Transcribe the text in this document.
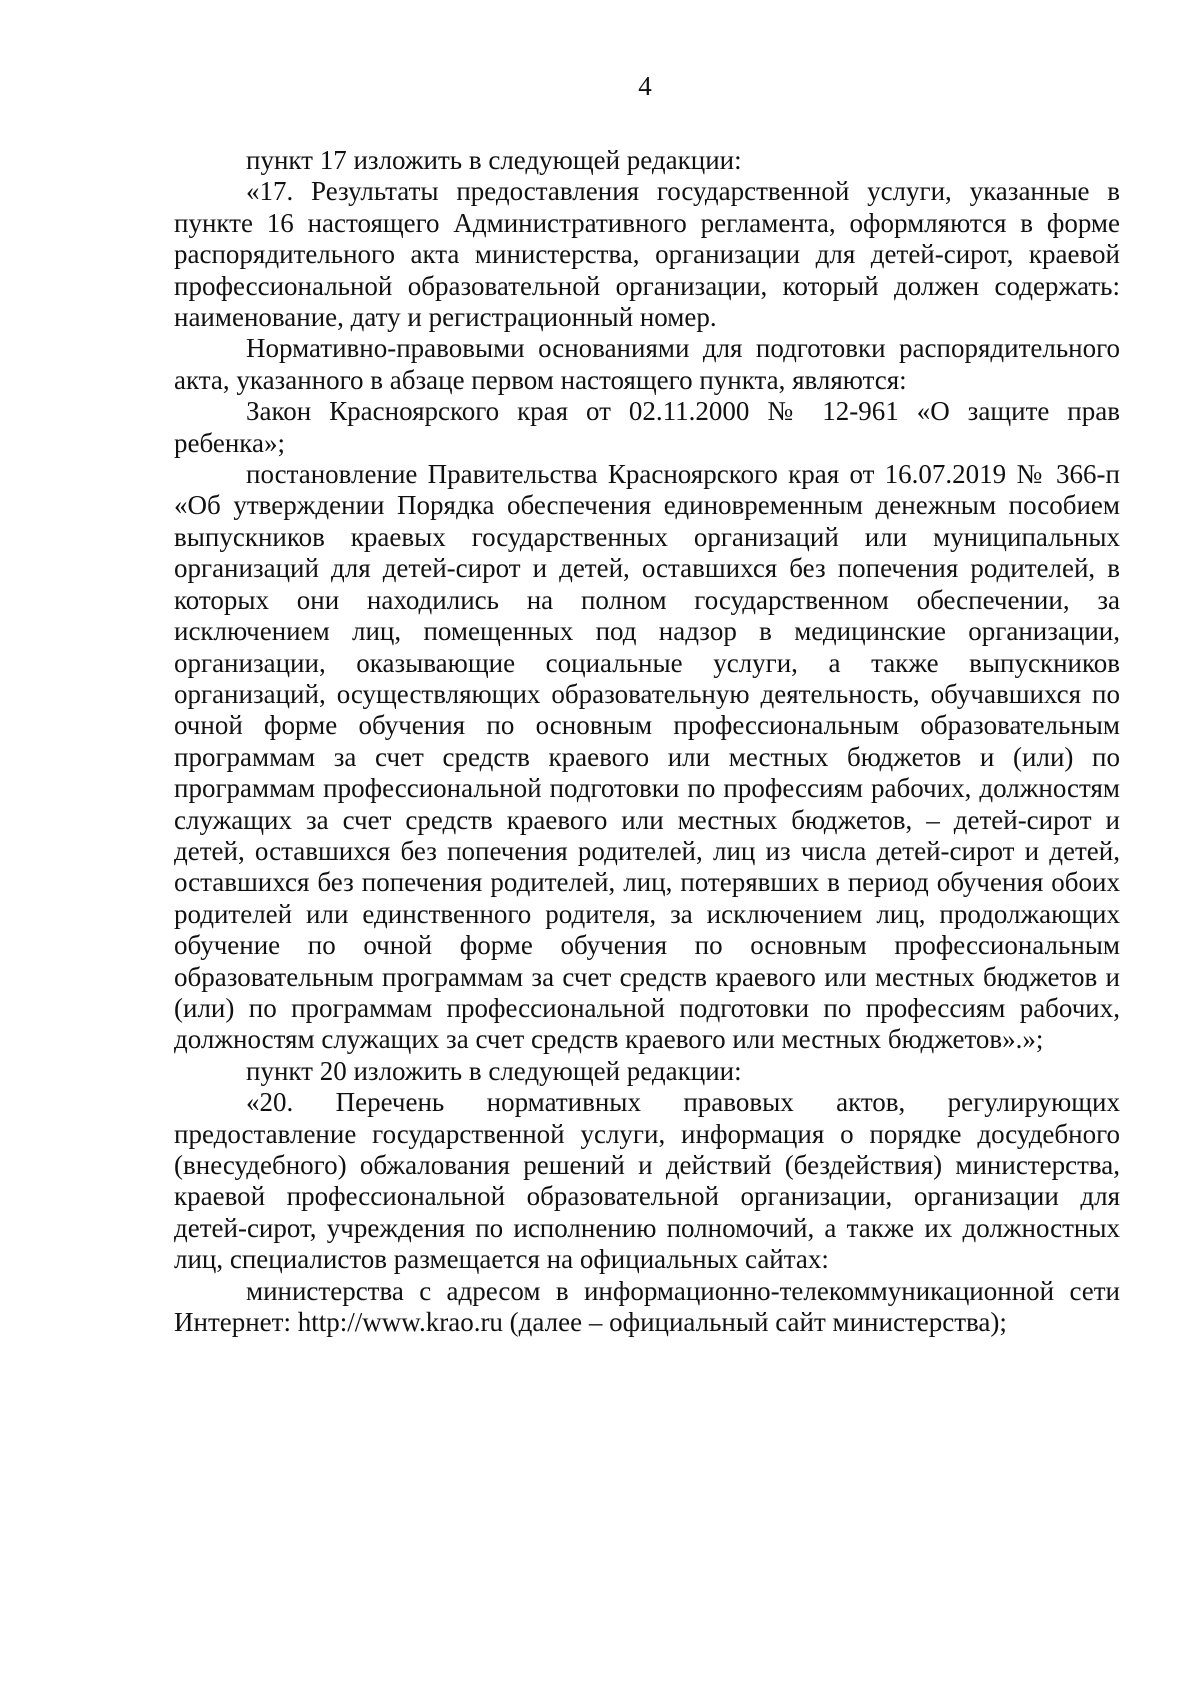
4

пункт 17 изложить в следующей редакции:

«17. Результаты предоставления государственной услуги, указанные в пункте 16 настоящего Административного регламента, оформляются в форме распорядительного акта министерства, организации для детей-сирот, краевой профессиональной образовательной организации, который должен содержать: наименование, дату и регистрационный номер.

Нормативно-правовыми основаниями для подготовки распорядительного акта, указанного в абзаце первом настоящего пункта, являются:

Закон Красноярского края от 02.11.2000 № 12-961 «О защите прав ребенка»;

постановление Правительства Красноярского края от 16.07.2019 № 366-п «Об утверждении Порядка обеспечения единовременным денежным пособием выпускников краевых государственных организаций или муниципальных организаций для детей-сирот и детей, оставшихся без попечения родителей, в которых они находились на полном государственном обеспечении, за исключением лиц, помещенных под надзор в медицинские организации, организации, оказывающие социальные услуги, а также выпускников организаций, осуществляющих образовательную деятельность, обучавшихся по очной форме обучения по основным профессиональным образовательным программам за счет средств краевого или местных бюджетов и (или) по программам профессиональной подготовки по профессиям рабочих, должностям служащих за счет средств краевого или местных бюджетов, – детей-сирот и детей, оставшихся без попечения родителей, лиц из числа детей-сирот и детей, оставшихся без попечения родителей, лиц, потерявших в период обучения обоих родителей или единственного родителя, за исключением лиц, продолжающих обучение по очной форме обучения по основным профессиональным образовательным программам за счет средств краевого или местных бюджетов и (или) по программам профессиональной подготовки по профессиям рабочих, должностям служащих за счет средств краевого или местных бюджетов».»;

пункт 20 изложить в следующей редакции:

«20. Перечень нормативных правовых актов, регулирующих предоставление государственной услуги, информация о порядке досудебного (внесудебного) обжалования решений и действий (бездействия) министерства, краевой профессиональной образовательной организации, организации для детей-сирот, учреждения по исполнению полномочий, а также их должностных лиц, специалистов размещается на официальных сайтах:

министерства с адресом в информационно-телекоммуникационной сети Интернет: http://www.krao.ru (далее – официальный сайт министерства);
